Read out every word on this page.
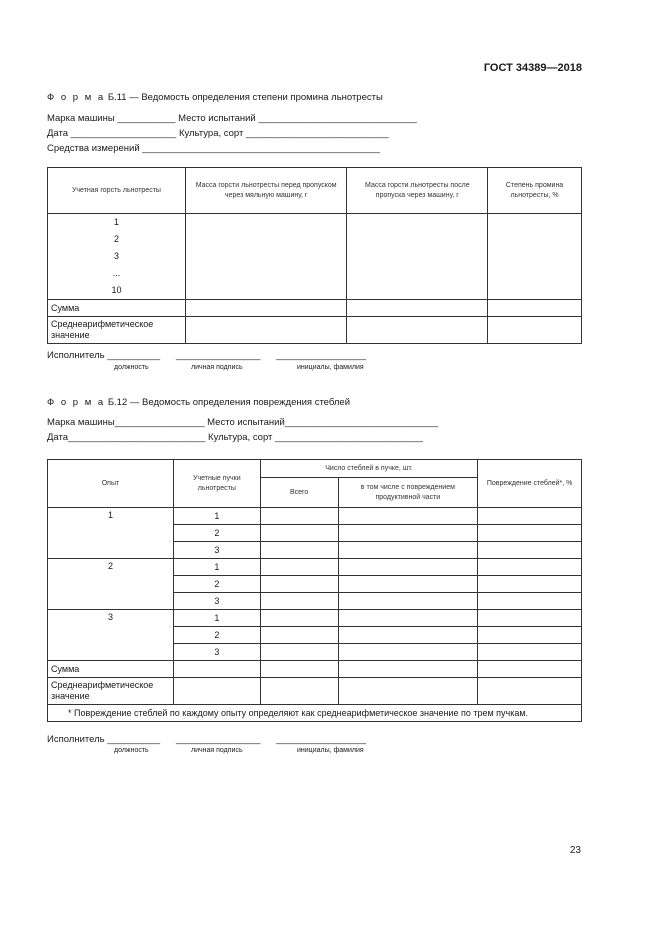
ГОСТ 34389—2018
Ф о р м а Б.11 — Ведомость определения степени промина льнотресты
Марка машины ___________ Место испытаний ______________________________
Дата ____________________ Культура, сорт ___________________________
Средства измерений _____________________________________________
Учетная горсть льнотресты	Масса горсти льнотресты перед пропуском через мяльную машину, г	Масса горсти льнотресты после пропуска через машину, г	Степень промина льнотресты, %

1
2
3
...
10			

Сумма			
Среднеарифметическое значение			
Исполнитель __________      ________________      _________________
должность	личная подпись	инициалы, фамилия
Ф о р м а Б.12 — Ведомость определения повреждения стеблей
Марка машины_________________ Место испытаний_____________________________
Дата__________________________ Культура, сорт ____________________________
Опыт	Учетные пучки льнотресты	Число стеблей в пучке, шт.		Повреждение стеблей*, %
		Всего	в том числе с повреждением продуктивной части	
1	1			
	2			
	3			
2	1			
	2			
	3			
3	1			
	2			
	3			
Сумма				
Среднеарифметическое значение				
* Повреждение стеблей по каждому опыту определяют как среднеарифметическое значение по трем пучкам.				
Исполнитель __________      ________________      _________________
должность	личная подпись	инициалы, фамилия
23
